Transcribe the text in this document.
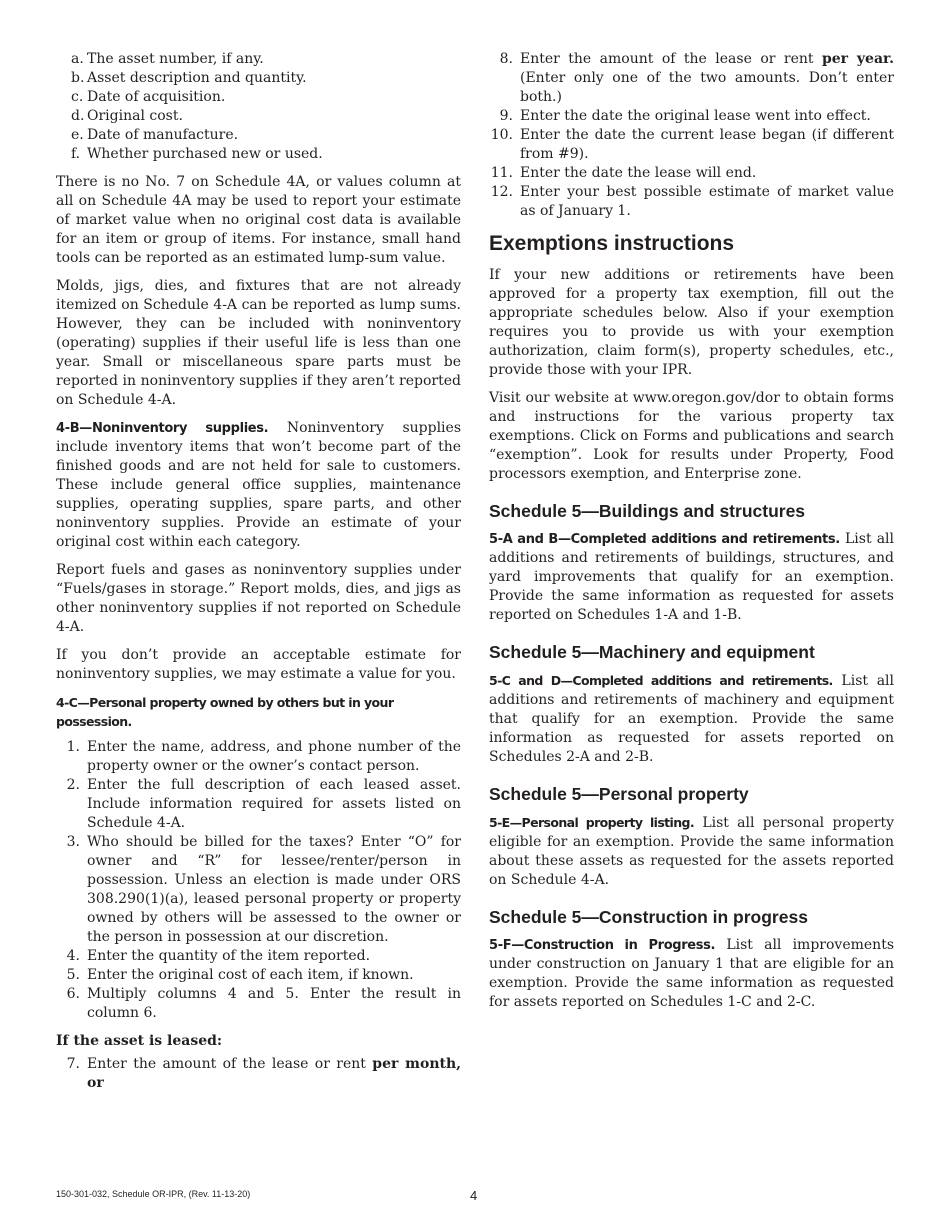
a. The asset number, if any.
b. Asset description and quantity.
c. Date of acquisition.
d. Original cost.
e. Date of manufacture.
f. Whether purchased new or used.

There is no No. 7 on Schedule 4A, or values column at all on Schedule 4A may be used to report your estimate of market value when no original cost data is available for an item or group of items. For instance, small hand tools can be reported as an estimated lump-sum value.

Molds, jigs, dies, and fixtures that are not already itemized on Schedule 4-A can be reported as lump sums. However, they can be included with noninventory (operating) supplies if their useful life is less than one year. Small or miscellaneous spare parts must be reported in noninventory supplies if they aren’t reported on Schedule 4-A.

4-B—Noninventory supplies. Noninventory supplies include inventory items that won’t become part of the finished goods and are not held for sale to customers. These include general office supplies, maintenance supplies, operating supplies, spare parts, and other noninventory supplies. Provide an estimate of your original cost within each category.

Report fuels and gases as noninventory supplies under “Fuels/gases in storage.” Report molds, dies, and jigs as other noninventory supplies if not reported on Schedule 4-A.

If you don’t provide an acceptable estimate for noninventory supplies, we may estimate a value for you.

4-C—Personal property owned by others but in your possession.
1. Enter the name, address, and phone number of the property owner or the owner’s contact person.
2. Enter the full description of each leased asset. Include information required for assets listed on Schedule 4-A.
3. Who should be billed for the taxes? Enter “O” for owner and “R” for lessee/renter/person in possession. Unless an election is made under ORS 308.290(1)(a), leased personal property or property owned by others will be assessed to the owner or the person in possession at our discretion.
4. Enter the quantity of the item reported.
5. Enter the original cost of each item, if known.
6. Multiply columns 4 and 5. Enter the result in column 6.
If the asset is leased:
7. Enter the amount of the lease or rent per month, or
8. Enter the amount of the lease or rent per year. (Enter only one of the two amounts. Don’t enter both.)
9. Enter the date the original lease went into effect.
10. Enter the date the current lease began (if different from #9).
11. Enter the date the lease will end.
12. Enter your best possible estimate of market value as of January 1.
Exemptions instructions

If your new additions or retirements have been approved for a property tax exemption, fill out the appropriate schedules below. Also if your exemption requires you to provide us with your exemption authorization, claim form(s), property schedules, etc., provide those with your IPR.

Visit our website at www.oregon.gov/dor to obtain forms and instructions for the various property tax exemptions. Click on Forms and publications and search “exemption”. Look for results under Property, Food processors exemption, and Enterprise zone.

Schedule 5—Buildings and structures

5-A and B—Completed additions and retirements. List all additions and retirements of buildings, structures, and yard improvements that qualify for an exemption. Provide the same information as requested for assets reported on Schedules 1-A and 1-B.

Schedule 5—Machinery and equipment

5-C and D—Completed additions and retirements. List all additions and retirements of machinery and equipment that qualify for an exemption. Provide the same information as requested for assets reported on Schedules 2-A and 2-B.

Schedule 5—Personal property

5-E—Personal property listing. List all personal property eligible for an exemption. Provide the same information about these assets as requested for the assets reported on Schedule 4-A.

Schedule 5—Construction in progress

5-F—Construction in Progress. List all improvements under construction on January 1 that are eligible for an exemption. Provide the same information as requested for assets reported on Schedules 1-C and 2-C.

150-301-032, Schedule OR-IPR, (Rev. 11-13-20)	4
